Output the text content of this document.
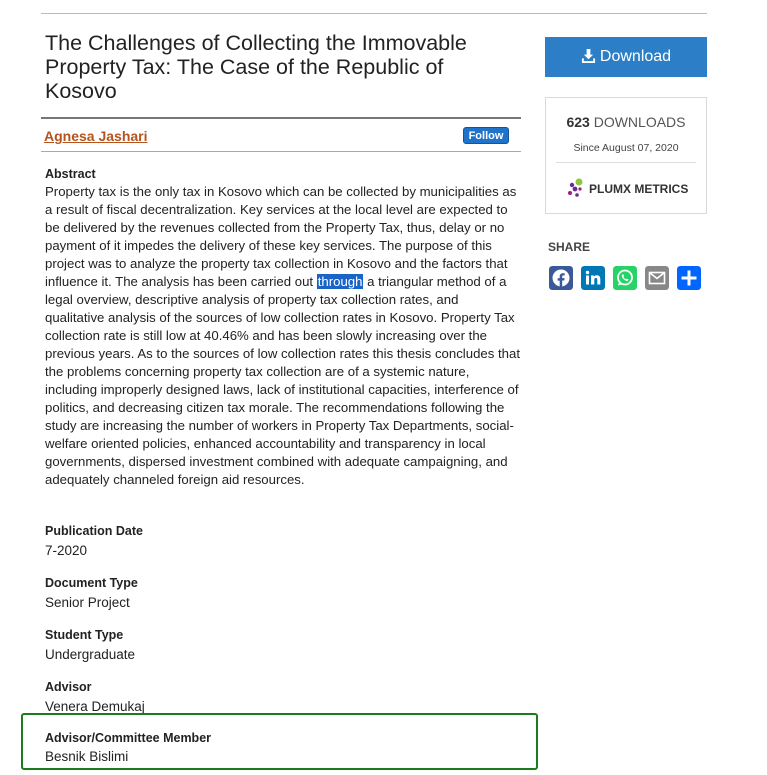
The Challenges of Collecting the Immovable Property Tax: The Case of the Republic of Kosovo
Agnesa Jashari	Follow
Abstract
Property tax is the only tax in Kosovo which can be collected by municipalities as a result of fiscal decentralization. Key services at the local level are expected to be delivered by the revenues collected from the Property Tax, thus, delay or no payment of it impedes the delivery of these key services. The purpose of this project was to analyze the property tax collection in Kosovo and the factors that influence it. The analysis has been carried out through a triangular method of a legal overview, descriptive analysis of property tax collection rates, and qualitative analysis of the sources of low collection rates in Kosovo. Property Tax collection rate is still low at 40.46% and has been slowly increasing over the previous years. As to the sources of low collection rates this thesis concludes that the problems concerning property tax collection are of a systemic nature, including improperly designed laws, lack of institutional capacities, interference of politics, and decreasing citizen tax morale. The recommendations following the study are increasing the number of workers in Property Tax Departments, social-welfare oriented policies, enhanced accountability and transparency in local governments, dispersed investment combined with adequate campaigning, and adequately channeled foreign aid resources.
Publication Date
7-2020
Document Type
Senior Project
Student Type
Undergraduate
Advisor
Venera Demukaj
Advisor/Committee Member
Besnik Bislimi
Download
623 DOWNLOADS
Since August 07, 2020
PLUMX METRICS
SHARE
